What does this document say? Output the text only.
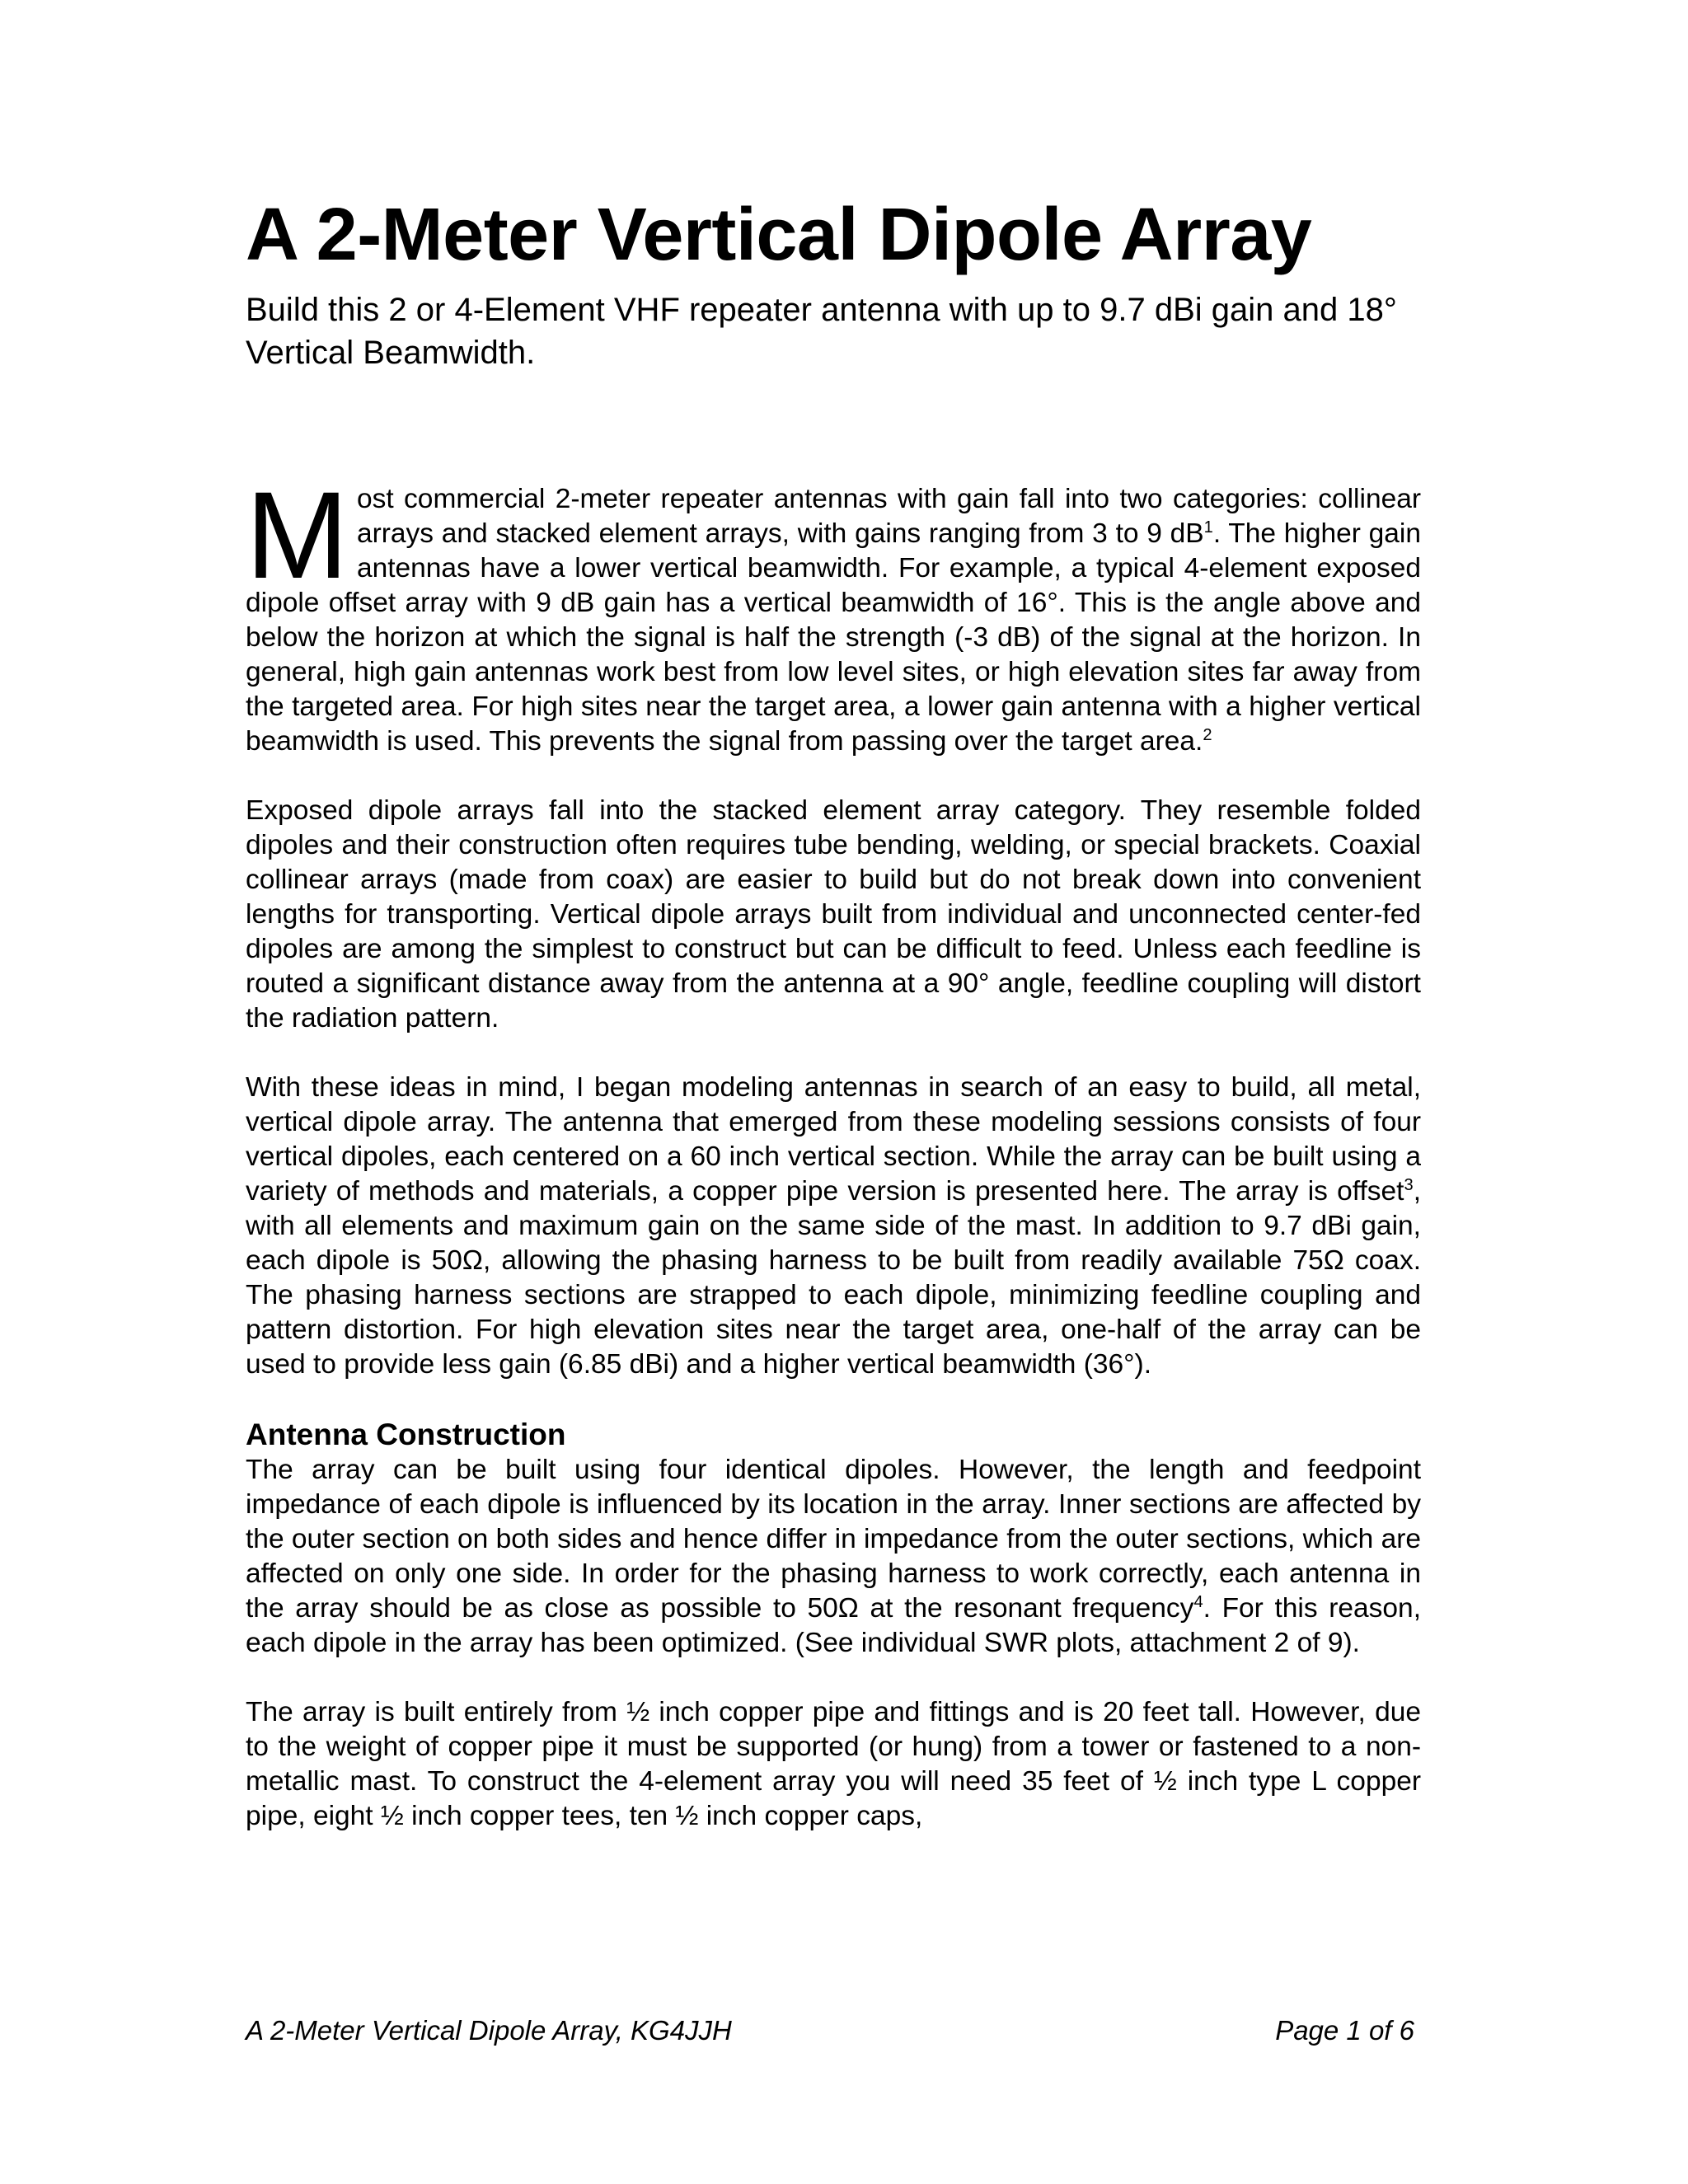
A 2-Meter Vertical Dipole Array
Build this 2 or 4-Element VHF repeater antenna with up to 9.7 dBi gain and 18° Vertical Beamwidth.

Most commercial 2-meter repeater antennas with gain fall into two categories: collinear arrays and stacked element arrays, with gains ranging from 3 to 9 $dB^1$. The higher gain antennas have a lower vertical beamwidth. For example, a typical 4-element exposed dipole offset array with 9 dB gain has a vertical beamwidth of 16°. This is the angle above and below the horizon at which the signal is half the strength (-3 dB) of the signal at the horizon. In general, high gain antennas work best from low level sites, or high elevation sites far away from the targeted area. For high sites near the target area, a lower gain antenna with a higher vertical beamwidth is used. This prevents the signal from passing over the target area.$^2$

Exposed dipole arrays fall into the stacked element array category. They resemble folded dipoles and their construction often requires tube bending, welding, or special brackets. Coaxial collinear arrays (made from coax) are easier to build but do not break down into convenient lengths for transporting. Vertical dipole arrays built from individual and unconnected center-fed dipoles are among the simplest to construct but can be difficult to feed. Unless each feedline is routed a significant distance away from the antenna at a 90° angle, feedline coupling will distort the radiation pattern.

With these ideas in mind, I began modeling antennas in search of an easy to build, all metal, vertical dipole array. The antenna that emerged from these modeling sessions consists of four vertical dipoles, each centered on a 60 inch vertical section. While the array can be built using a variety of methods and materials, a copper pipe version is presented here. The array is offset$^3$, with all elements and maximum gain on the same side of the mast. In addition to 9.7 dBi gain, each dipole is 50Ω, allowing the phasing harness to be built from readily available 75Ω coax. The phasing harness sections are strapped to each dipole, minimizing feedline coupling and pattern distortion. For high elevation sites near the target area, one-half of the array can be used to provide less gain (6.85 dBi) and a higher vertical beamwidth (36°).

Antenna Construction

The array can be built using four identical dipoles. However, the length and feedpoint impedance of each dipole is influenced by its location in the array. Inner sections are affected by the outer section on both sides and hence differ in impedance from the outer sections, which are affected on only one side. In order for the phasing harness to work correctly, each antenna in the array should be as close as possible to 50Ω at the resonant frequency$^4$. For this reason, each dipole in the array has been optimized. (See individual SWR plots, attachment 2 of 9).

The array is built entirely from ½ inch copper pipe and fittings and is 20 feet tall. However, due to the weight of copper pipe it must be supported (or hung) from a tower or fastened to a non-metallic mast. To construct the 4-element array you will need 35 feet of ½ inch type L copper pipe, eight ½ inch copper tees, ten ½ inch copper caps,

A 2-Meter Vertical Dipole Array, KG4JJH	Page 1 of 6
